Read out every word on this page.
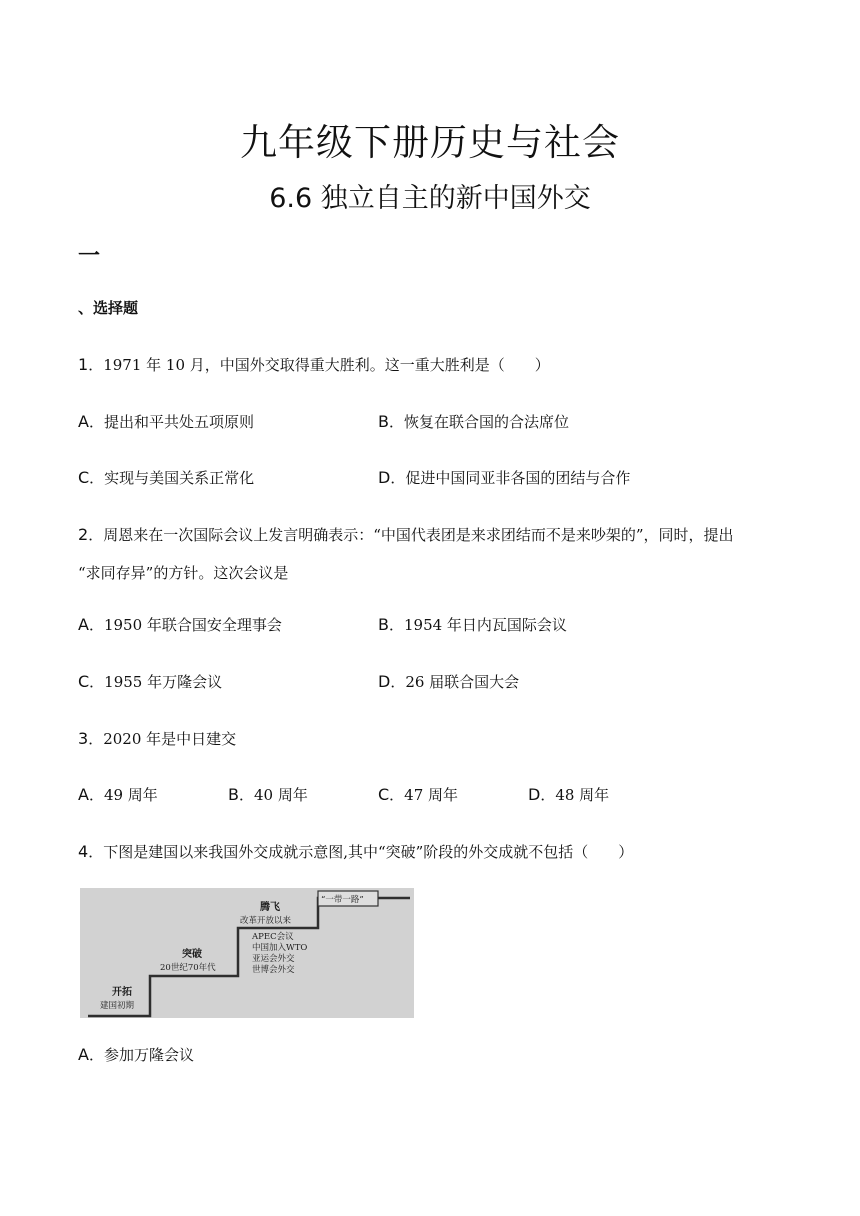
九年级下册历史与社会
6.6 独立自主的新中国外交
一
、选择题
1．1971 年 10 月，中国外交取得重大胜利。这一重大胜利是（　　）
A．提出和平共处五项原则	B．恢复在联合国的合法席位
C．实现与美国关系正常化	D．促进中国同亚非各国的团结与合作
2．周恩来在一次国际会议上发言明确表示：“中国代表团是来求团结而不是来吵架的”，同时，提出
“求同存异”的方针。这次会议是
A．1950 年联合国安全理事会	B．1954 年日内瓦国际会议
C．1955 年万隆会议	D．26 届联合国大会
3．2020 年是中日建交
A．49 周年	B．40 周年	C．47 周年	D．48 周年
4．下图是建国以来我国外交成就示意图,其中“突破”阶段的外交成就不包括（　　）
开拓
建国初期
突破
20世纪70年代
腾飞
改革开放以来
APEC会议
中国加入WTO
亚运会外交
世博会外交
“一带一路”
A．参加万隆会议
